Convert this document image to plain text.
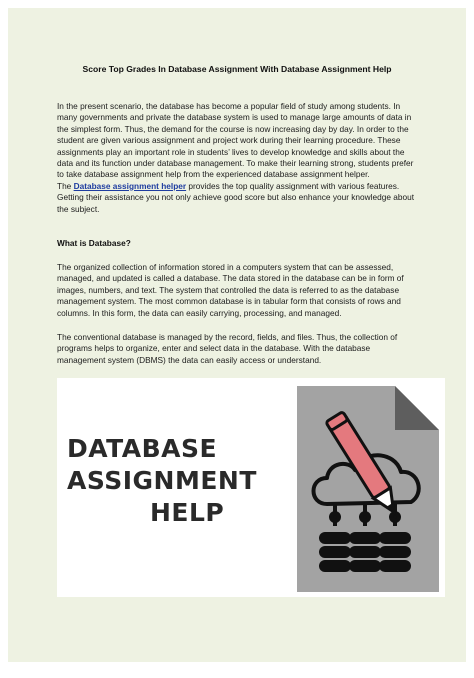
Score Top Grades In Database Assignment With Database Assignment Help

In the present scenario, the database has become a popular field of study among students. In many governments and private the database system is used to manage large amounts of data in the simplest form. Thus, the demand for the course is now increasing day by day. In order to the student are given various assignment and project work during their learning procedure. These assignments play an important role in students’ lives to develop knowledge and skills about the data and its function under database management. To make their learning strong, students prefer to take database assignment help from the experienced database assignment helper.
The Database assignment helper provides the top quality assignment with various features. Getting their assistance you not only achieve good score but also enhance your knowledge about the subject.

What is Database?

The organized collection of information stored in a computers system that can be assessed, managed, and updated is called a database. The data stored in the database can be in form of images, numbers, and text. The system that controlled the data is referred to as the database management system. The most common database is in tabular form that consists of rows and columns. In this form, the data can easily carrying, processing, and managed.

The conventional database is managed by the record, fields, and files. Thus, the collection of programs helps to organize, enter and select data in the database. With the database management system (DBMS) the data can easily access or understand.

DATABASE
ASSIGNMENT
HELP
